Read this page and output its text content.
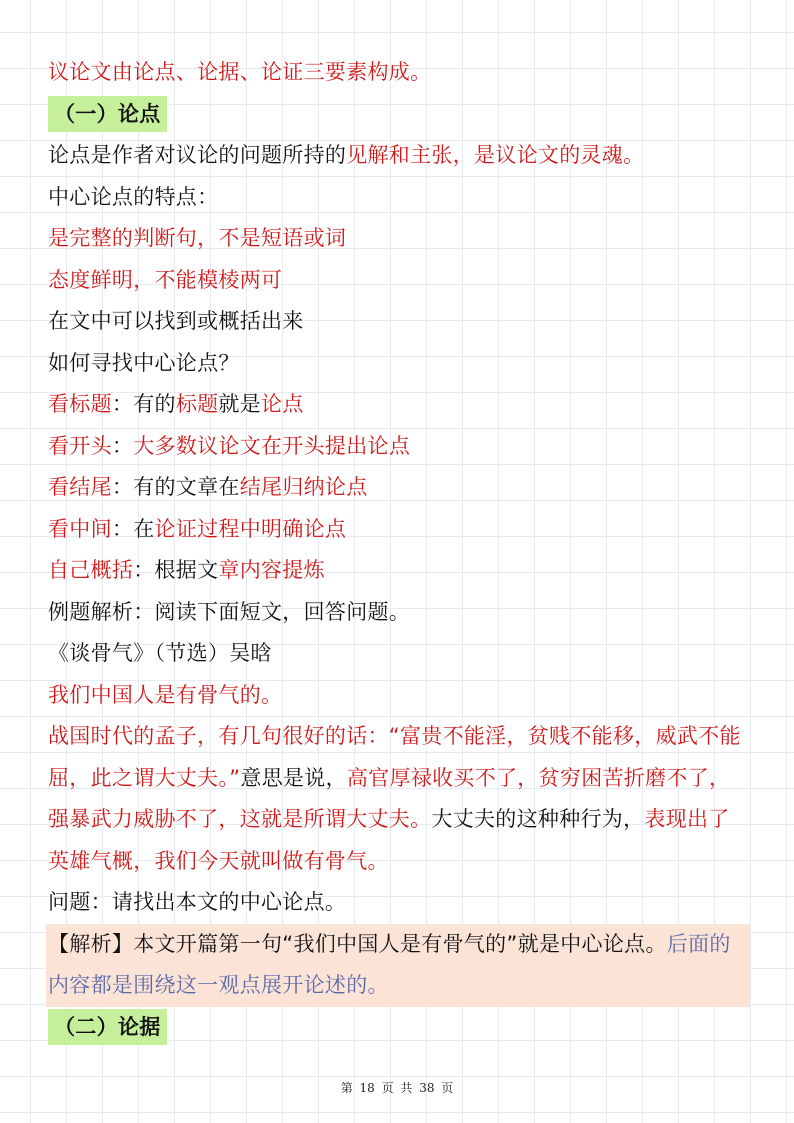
议论文由论点、论据、论证三要素构成。
（一）论点
论点是作者对议论的问题所持的见解和主张，是议论文的灵魂。
中心论点的特点：
是完整的判断句，不是短语或词
态度鲜明，不能模棱两可
在文中可以找到或概括出来
如何寻找中心论点？
看标题：有的标题就是论点
看开头：大多数议论文在开头提出论点
看结尾：有的文章在结尾归纳论点
看中间：在论证过程中明确论点
自己概括：根据文章内容提炼
例题解析：阅读下面短文，回答问题。
《谈骨气》（节选）吴晗
我们中国人是有骨气的。
战国时代的孟子，有几句很好的话：“富贵不能淫，贫贱不能移，威武不能屈，此之谓大丈夫。”意思是说，高官厚禄收买不了，贫穷困苦折磨不了，强暴武力威胁不了，这就是所谓大丈夫。大丈夫的这种种行为，表现出了英雄气概，我们今天就叫做有骨气。
问题：请找出本文的中心论点。
【解析】本文开篇第一句“我们中国人是有骨气的”就是中心论点。后面的内容都是围绕这一观点展开论述的。
（二）论据
第 18 页 共 38 页
